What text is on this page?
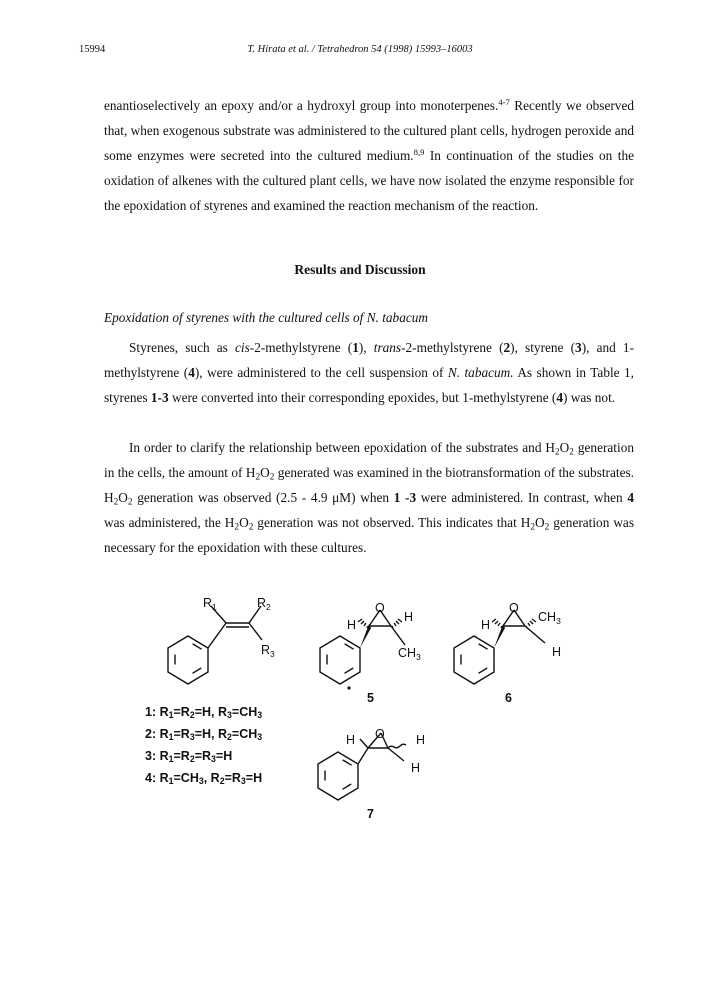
15994	T. Hirata et al. / Tetrahedron 54 (1998) 15993–16003

enantioselectively an epoxy and/or a hydroxyl group into monoterpenes.$^{4-7}$ Recently we observed that, when exogenous substrate was administered to the cultured plant cells, hydrogen peroxide and some enzymes were secreted into the cultured medium.$^{8,9}$ In continuation of the studies on the oxidation of alkenes with the cultured plant cells, we have now isolated the enzyme responsible for the epoxidation of styrenes and examined the reaction mechanism of the reaction.

Results and Discussion
Epoxidation of styrenes with the cultured cells of N. tabacum

Styrenes, such as cis-2-methylstyrene (1), trans-2-methylstyrene (2), styrene (3), and 1-methylstyrene (4), were administered to the cell suspension of N. tabacum. As shown in Table 1, styrenes 1-3 were converted into their corresponding epoxides, but 1-methylstyrene (4) was not.

In order to clarify the relationship between epoxidation of the substrates and $H_2O_2$ generation in the cells, the amount of $H_2O_2$ generated was examined in the biotransformation of the substrates. $H_2O_2$ generation was observed (2.5 - 4.9 μM) when 1 -3 were administered. In contrast, when 4 was administered, the $H_2O_2$ generation was not observed. This indicates that $H_2O_2$ generation was necessary for the epoxidation with these cultures.

$R_1$	$R_2$
$R_3$
O
H
H
$CH_3$
O
H
$CH_3$
H
O
H	H
H
5	6
7
1: $R_1=R_2=H$, $R_3=CH_3$
2: $R_1=R_3=H$, $R_2=CH_3$
3: $R_1=R_2=R_3=H$
4: $R_1=CH_3$, $R_2=R_3=H$
